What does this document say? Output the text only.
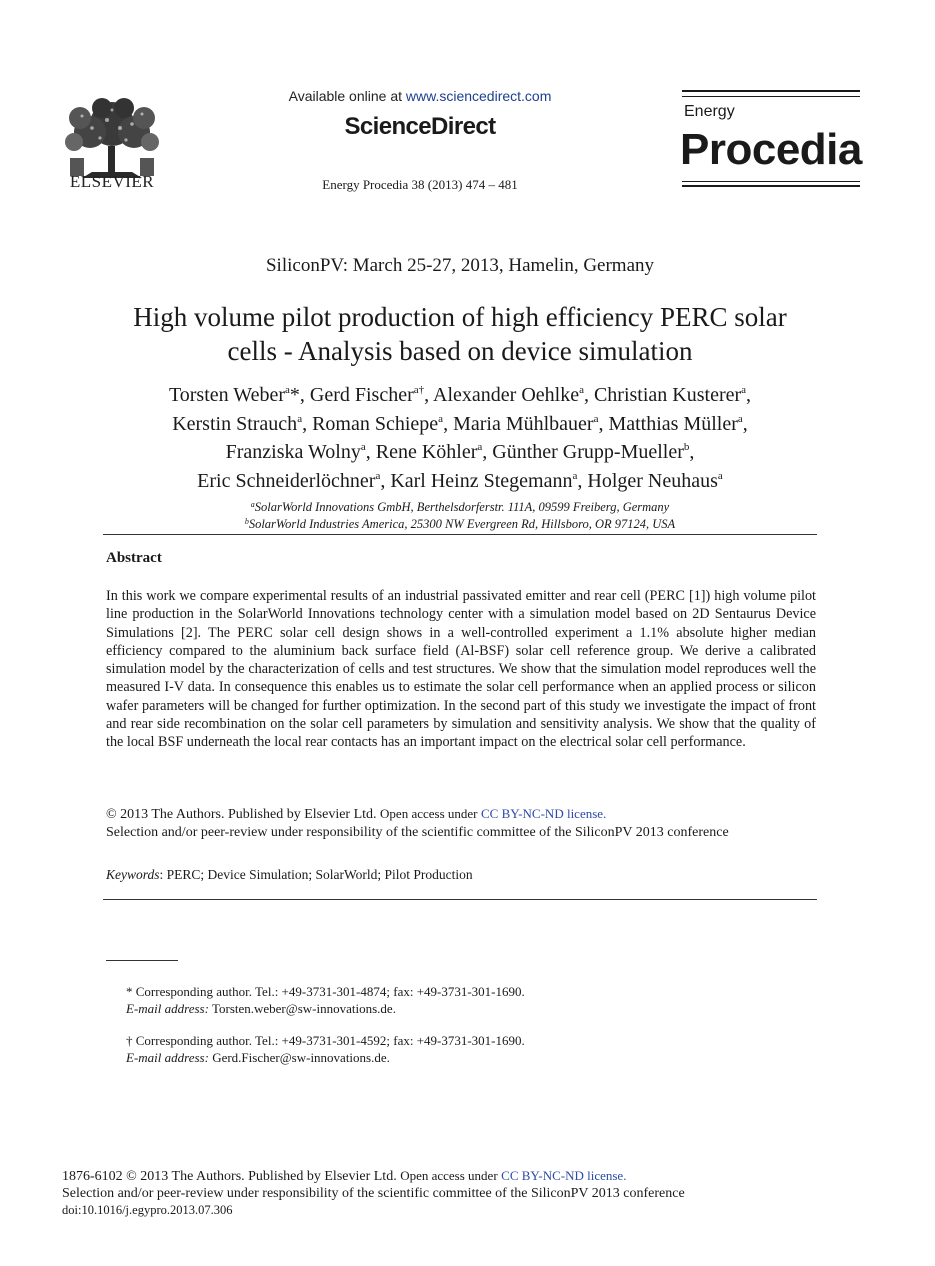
ELSEVIER
Available online at www.sciencedirect.com
ScienceDirect
Energy Procedia 38 (2013) 474 – 481
Energy
Procedia
SiliconPV: March 25-27, 2013, Hamelin, Germany
High volume pilot production of high efficiency PERC solar
cells - Analysis based on device simulation
Torsten Weber$^a$*, Gerd Fischer$^{a\dagger}$, Alexander Oehlke$^a$, Christian Kusterer$^a$,
Kerstin Strauch$^a$, Roman Schiepe$^a$, Maria Mühlbauer$^a$, Matthias Müller$^a$,
Franziska Wolny$^a$, Rene Köhler$^a$, Günther Grupp-Mueller$^b$,
Eric Schneiderlöchner$^a$, Karl Heinz Stegemann$^a$, Holger Neuhaus$^a$
$^a$SolarWorld Innovations GmbH, Berthelsdorferstr. 111A, 09599 Freiberg, Germany
$^b$SolarWorld Industries America, 25300 NW Evergreen Rd, Hillsboro, OR 97124, USA
Abstract
In this work we compare experimental results of an industrial passivated emitter and rear cell (PERC [1]) high volume pilot line production in the SolarWorld Innovations technology center with a simulation model based on 2D Sentaurus Device Simulations [2]. The PERC solar cell design shows in a well-controlled experiment a 1.1% absolute higher median efficiency compared to the aluminium back surface field (Al-BSF) solar cell reference group. We derive a calibrated simulation model by the characterization of cells and test structures. We show that the simulation model reproduces well the measured I-V data. In consequence this enables us to estimate the solar cell performance when an applied process or silicon wafer parameters will be changed for further optimization. In the second part of this study we investigate the impact of front and rear side recombination on the solar cell parameters by simulation and sensitivity analysis. We show that the quality of the local BSF underneath the local rear contacts has an important impact on the electrical solar cell performance.
© 2013 The Authors. Published by Elsevier Ltd. Open access under CC BY-NC-ND license.
Selection and/or peer-review under responsibility of the scientific committee of the SiliconPV 2013 conference
Keywords: PERC; Device Simulation; SolarWorld; Pilot Production
* Corresponding author. Tel.: +49-3731-301-4874; fax: +49-3731-301-1690.
E-mail address: Torsten.weber@sw-innovations.de.
† Corresponding author. Tel.: +49-3731-301-4592; fax: +49-3731-301-1690.
E-mail address: Gerd.Fischer@sw-innovations.de.
1876-6102 © 2013 The Authors. Published by Elsevier Ltd. Open access under CC BY-NC-ND license.
Selection and/or peer-review under responsibility of the scientific committee of the SiliconPV 2013 conference
doi:10.1016/j.egypro.2013.07.306
